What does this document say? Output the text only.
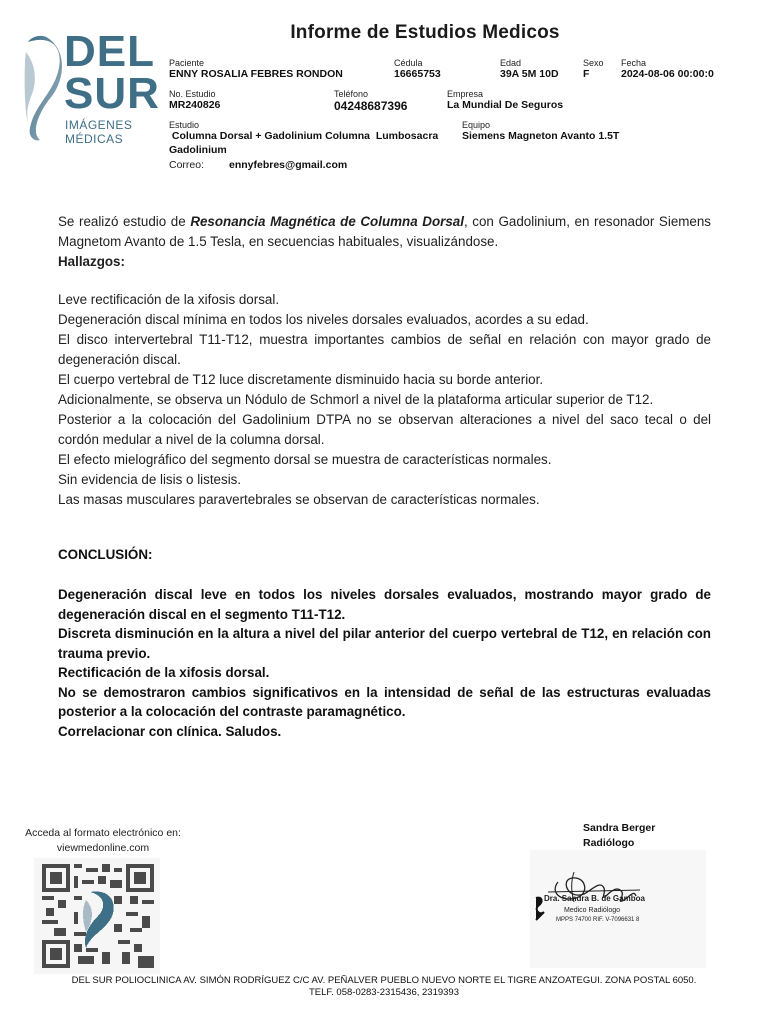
Informe de Estudios Medicos
DEL
SUR
IMÁGENES
MÉDICAS
Paciente
ENNY ROSALIA FEBRES RONDON
Cédula
16665753
Edad
39A 5M 10D
Sexo
F
Fecha
2024-08-06 00:00:0
No. Estudio
MR240826
Teléfono
04248687396
Empresa
La Mundial De Seguros
Estudio
Columna Dorsal + Gadolinium Columna  Lumbosacra
Gadolinium
Equipo
Siemens Magneton Avanto 1.5T
Correo: ennyfebres@gmail.com

Se realizó estudio de Resonancia Magnética de Columna Dorsal, con Gadolinium, en resonador Siemens Magnetom Avanto de 1.5 Tesla, en secuencias habituales, visualizándose.

Hallazgos:

Leve rectificación de la xifosis dorsal.

Degeneración discal mínima en todos los niveles dorsales evaluados, acordes a su edad.

El disco intervertebral T11-T12, muestra importantes cambios de señal en relación con mayor grado de degeneración discal.

El cuerpo vertebral de T12 luce discretamente disminuido hacia su borde anterior.

Adicionalmente, se observa un Nódulo de Schmorl a nivel de la plataforma articular superior de T12.

Posterior a la colocación del Gadolinium DTPA no se observan alteraciones a nivel del saco tecal o del cordón medular a nivel de la columna dorsal.

El efecto mielográfico del segmento dorsal se muestra de características normales.

Sin evidencia de lisis o listesis.

Las masas musculares paravertebrales se observan de características normales.

CONCLUSIÓN:

Degeneración discal leve en todos los niveles dorsales evaluados, mostrando mayor grado de degeneración discal en el segmento T11-T12.

Discreta disminución en la altura a nivel del pilar anterior del cuerpo vertebral de T12, en relación con trauma previo.

Rectificación de la xifosis dorsal.

No se demostraron cambios significativos en la intensidad de señal de las estructuras evaluadas posterior a la colocación del contraste paramagnético.

Correlacionar con clínica. Saludos.

Acceda al formato electrónico en:
viewmedonline.com
Sandra Berger
Radiólogo
Dra. Sandra B. de Gamboa
Medico Radiólogo
MPPS 74700 RIF. V-7096631 8
DEL SUR POLIOCLINICA AV. SIMÓN RODRÍGUEZ C/C AV. PEÑALVER PUEBLO NUEVO NORTE EL TIGRE ANZOATEGUI. ZONA POSTAL 6050.
TELF. 058-0283-2315436, 2319393
